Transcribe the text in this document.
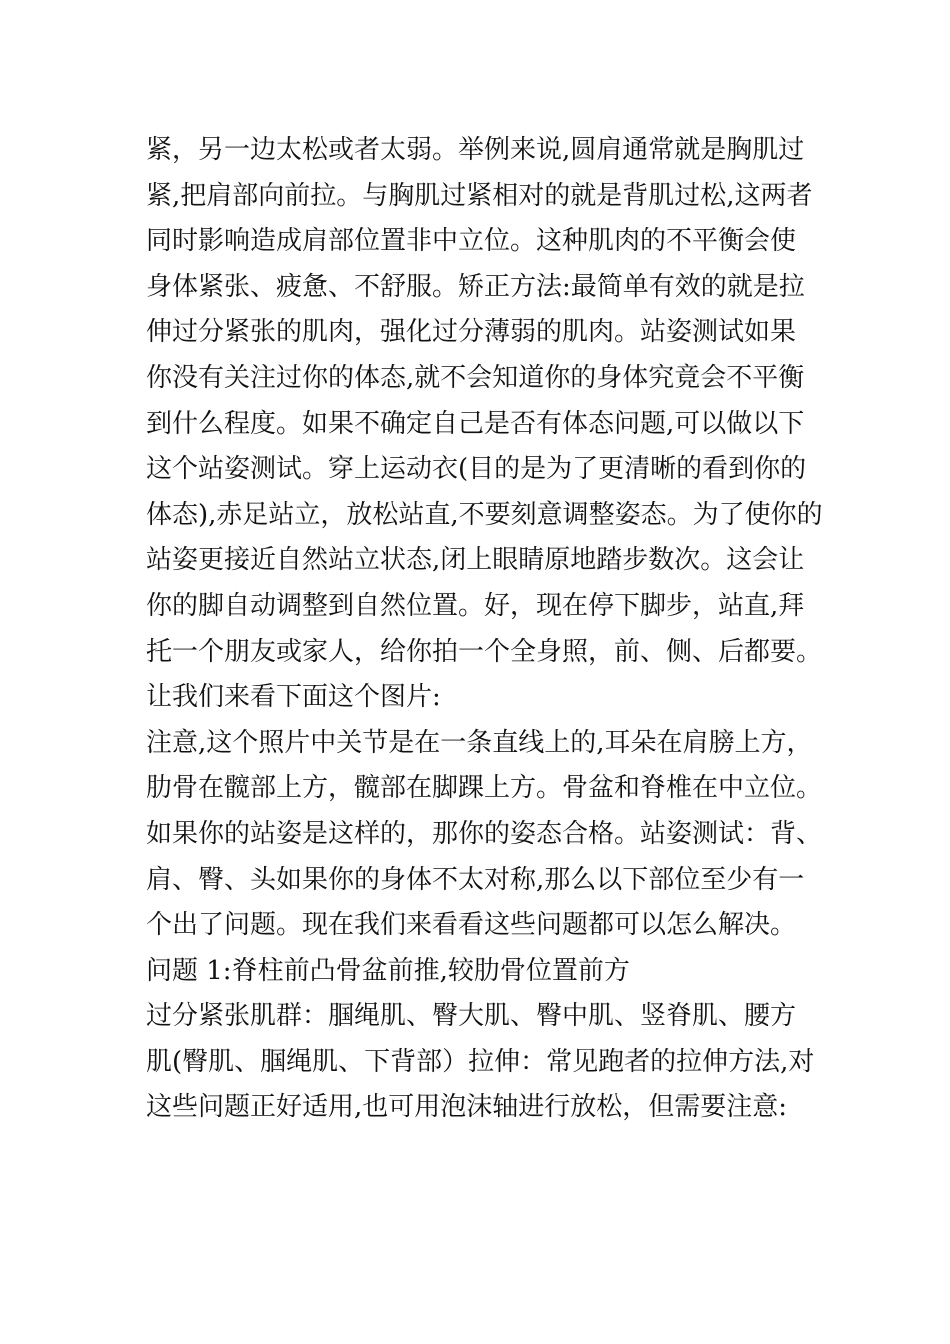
紧，另一边太松或者太弱。举例来说,圆肩通常就是胸肌过
紧,把肩部向前拉。与胸肌过紧相对的就是背肌过松,这两者
同时影响造成肩部位置非中立位。这种肌肉的不平衡会使
身体紧张、疲惫、不舒服。矫正方法:最简单有效的就是拉
伸过分紧张的肌肉，强化过分薄弱的肌肉。站姿测试如果
你没有关注过你的体态,就不会知道你的身体究竟会不平衡
到什么程度。如果不确定自己是否有体态问题,可以做以下
这个站姿测试。穿上运动衣(目的是为了更清晰的看到你的
体态),赤足站立，放松站直,不要刻意调整姿态。为了使你的
站姿更接近自然站立状态,闭上眼睛原地踏步数次。这会让
你的脚自动调整到自然位置。好，现在停下脚步，站直,拜
托一个朋友或家人，给你拍一个全身照，前、侧、后都要。
让我们来看下面这个图片:
注意,这个照片中关节是在一条直线上的,耳朵在肩膀上方，
肋骨在髋部上方，髋部在脚踝上方。骨盆和脊椎在中立位。
如果你的站姿是这样的，那你的姿态合格。站姿测试：背、
肩、臀、头如果你的身体不太对称,那么以下部位至少有一
个出了问题。现在我们来看看这些问题都可以怎么解决。
问题 1:脊柱前凸骨盆前推,较肋骨位置前方
过分紧张肌群：腘绳肌、臀大肌、臀中肌、竖脊肌、腰方
肌(臀肌、腘绳肌、下背部）拉伸：常见跑者的拉伸方法,对
这些问题正好适用,也可用泡沫轴进行放松，但需要注意:
